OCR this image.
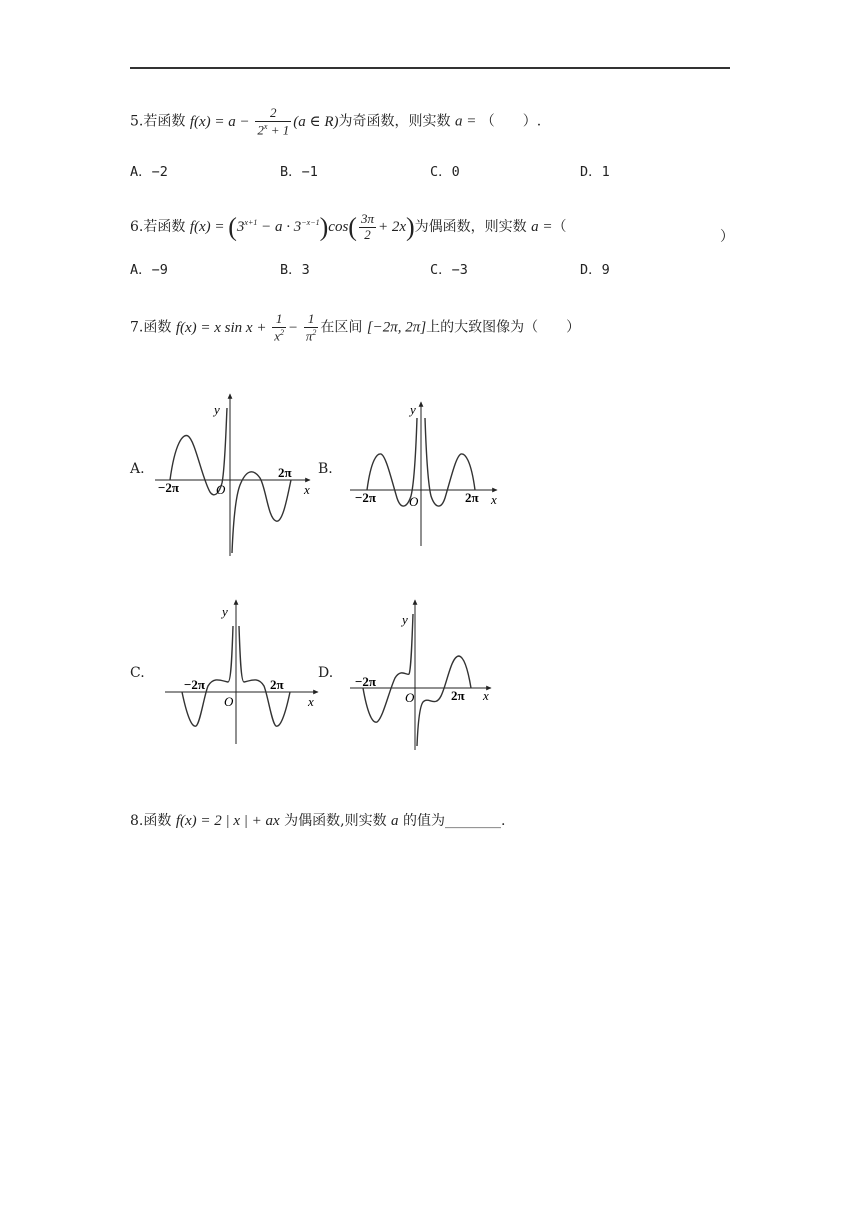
5.若函数 $f(x) = a - \frac{2}{2^x + 1} (a$ ∈ R)为奇函数，则实数 a = （　　）.
A．−2	B．−1	C．0	D．1
6.若函数 $f(x) = (3^{x+1} - a \cdot 3^{-x-1})\cos( \frac{3\pi}{2} + 2x)$为偶函数，则实数 a =（
）
A．−9	B．3	C．−3	D．9
7.函数 f(x) = x $\sin x + \frac{1}{x^2} - \frac{1}{\pi^2}$ 在区间 [−2π, 2π]上的大致图像为（　　）
A.	B.
C.	D.
y
x
O
−2π
2π
y
x
O
−2π	2π
y
x
O
−2π	2π
y
x
O
−2π
2π
8.函数 f(x) = 2 | x | + ax 为偶函数,则实数 a 的值为________.
